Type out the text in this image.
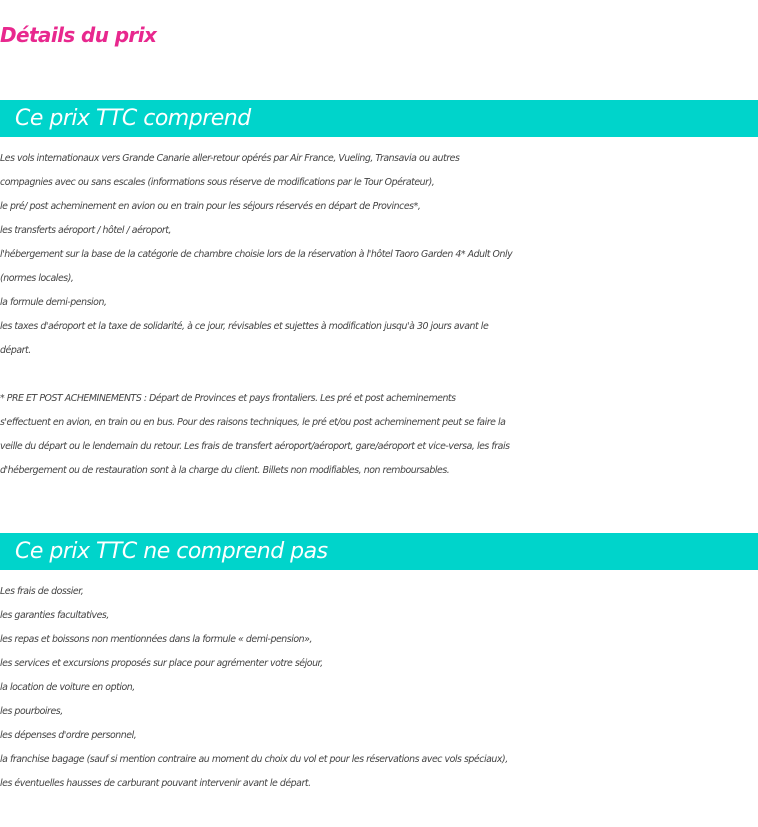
Détails du prix
Ce prix TTC comprend
Les vols internationaux vers Grande Canarie aller-retour opérés par Air France, Vueling, Transavia ou autres
compagnies avec ou sans escales (informations sous réserve de modifications par le Tour Opérateur),
le pré/ post acheminement en avion ou en train pour les séjours réservés en départ de Provinces*,
les transferts aéroport / hôtel / aéroport,
l'hébergement sur la base de la catégorie de chambre choisie lors de la réservation à l'hôtel Taoro Garden 4* Adult Only
(normes locales),
la formule demi-pension,
les taxes d'aéroport et la taxe de solidarité, à ce jour, révisables et sujettes à modification jusqu'à 30 jours avant le
départ.
* PRE ET POST ACHEMINEMENTS : Départ de Provinces et pays frontaliers. Les pré et post acheminements
s'effectuent en avion, en train ou en bus. Pour des raisons techniques, le pré et/ou post acheminement peut se faire la
veille du départ ou le lendemain du retour. Les frais de transfert aéroport/aéroport, gare/aéroport et vice-versa, les frais
d'hébergement ou de restauration sont à la charge du client. Billets non modifiables, non remboursables.
Ce prix TTC ne comprend pas
Les frais de dossier,
les garanties facultatives,
les repas et boissons non mentionnées dans la formule « demi-pension»,
les services et excursions proposés sur place pour agrémenter votre séjour,
la location de voiture en option,
les pourboires,
les dépenses d'ordre personnel,
la franchise bagage (sauf si mention contraire au moment du choix du vol et pour les réservations avec vols spéciaux),
les éventuelles hausses de carburant pouvant intervenir avant le départ.
